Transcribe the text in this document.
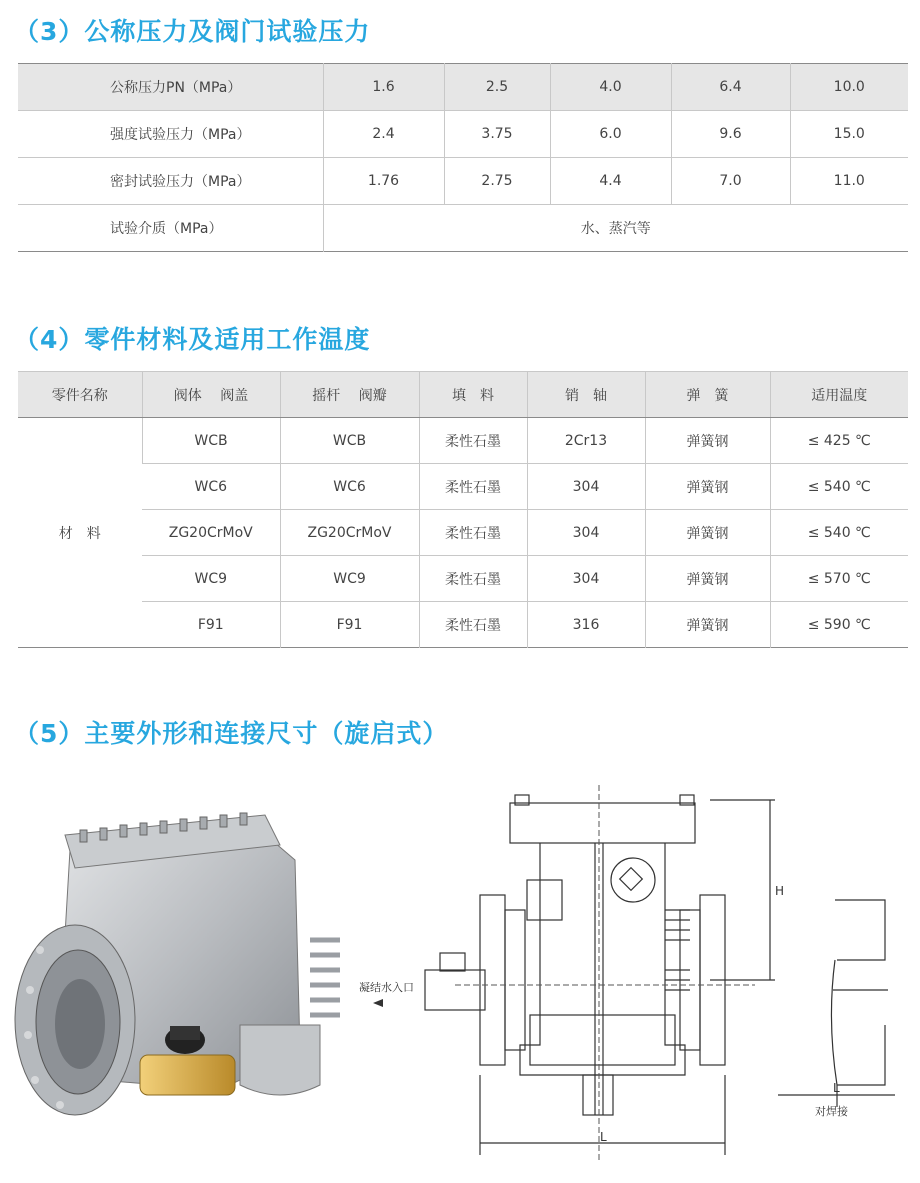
（3）公称压力及阀门试验压力
公称压力PN（MPa）	1.6	2.5	4.0	6.4	10.0
强度试验压力（MPa）	2.4	3.75	6.0	9.6	15.0
密封试验压力（MPa）	1.76	2.75	4.4	7.0	11.0
试验介质（MPa）	水、蒸汽等				
（4）零件材料及适用工作温度
零件名称	阀体　 阀盖	摇杆　 阀瓣	填　料	销　轴	弹　簧	适用温度
材　料	WCB	WCB	柔性石墨	2Cr13	弹簧钢	≤ 425 ℃
	WC6	WC6	柔性石墨	304	弹簧钢	≤ 540 ℃
	ZG20CrMoV	ZG20CrMoV	柔性石墨	304	弹簧钢	≤ 540 ℃
	WC9	WC9	柔性石墨	304	弹簧钢	≤ 570 ℃
	F91	F91	柔性石墨	316	弹簧钢	≤ 590 ℃
（5）主要外形和连接尺寸（旋启式）
H
L
L
对焊接
凝结水入口
